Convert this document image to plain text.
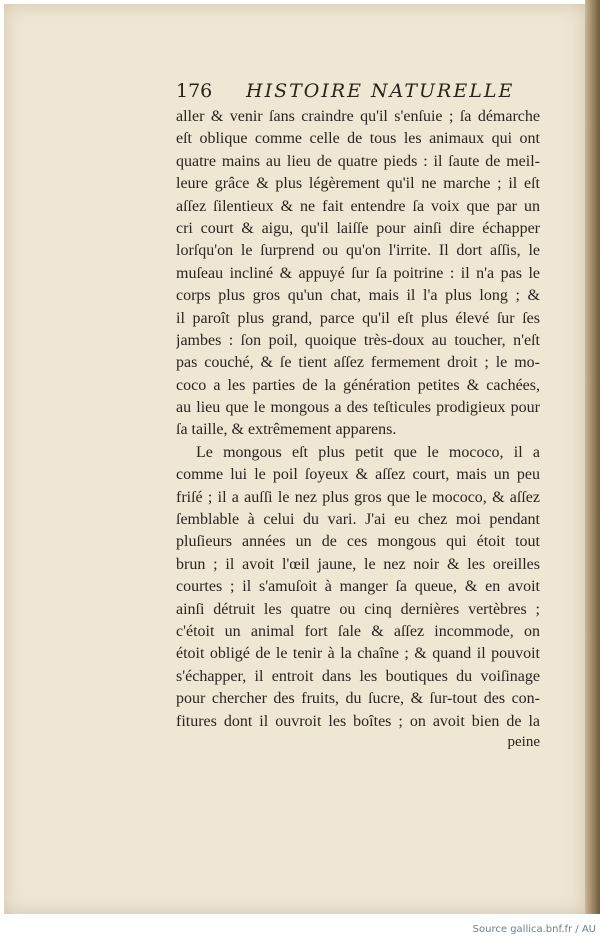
176 HISTOIRE NATURELLE
aller & venir ſans craindre qu'il s'enſuie ; ſa démarche
eſt oblique comme celle de tous les animaux qui ont
quatre mains au lieu de quatre pieds : il ſaute de meil-
leure grâce & plus légèrement qu'il ne marche ; il eſt
aſſez ſilentieux & ne fait entendre ſa voix que par un
cri court & aigu, qu'il laiſſe pour ainſi dire échapper
lorſqu'on le ſurprend ou qu'on l'irrite. Il dort aſſis, le
muſeau incliné & appuyé ſur ſa poitrine : il n'a pas le
corps plus gros qu'un chat, mais il l'a plus long ; &
il paroît plus grand, parce qu'il eſt plus élevé ſur ſes
jambes : ſon poil, quoique très-doux au toucher, n'eſt
pas couché, & ſe tient aſſez fermement droit ; le mo-
coco a les parties de la génération petites & cachées,
au lieu que le mongous a des teſticules prodigieux pour
ſa taille, & extrêmement apparens.
Le mongous eſt plus petit que le mococo, il a
comme lui le poil ſoyeux & aſſez court, mais un peu
friſé ; il a auſſi le nez plus gros que le mococo, & aſſez
ſemblable à celui du vari. J'ai eu chez moi pendant
pluſieurs années un de ces mongous qui étoit tout
brun ; il avoit l'œil jaune, le nez noir & les oreilles
courtes ; il s'amuſoit à manger ſa queue, & en avoit
ainſi détruit les quatre ou cinq dernières vertèbres ;
c'étoit un animal fort ſale & aſſez incommode, on
étoit obligé de le tenir à la chaîne ; & quand il pouvoit
s'échapper, il entroit dans les boutiques du voiſinage
pour chercher des fruits, du ſucre, & ſur-tout des con-
fitures dont il ouvroit les boîtes ; on avoit bien de la
peine
Source gallica.bnf.fr / AU
